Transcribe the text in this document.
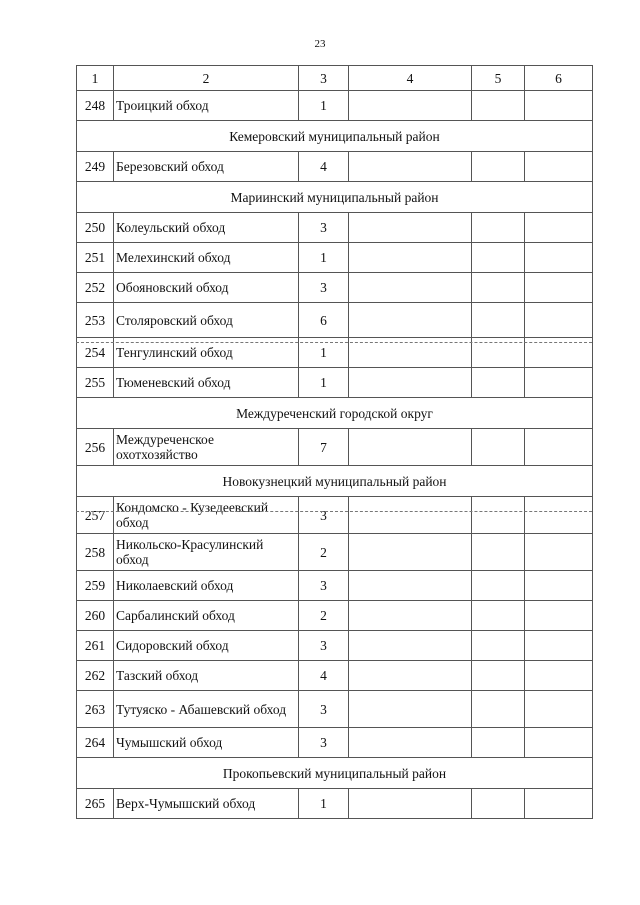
23
1	2	3	4	5	6
248	Троицкий обход	1			
Кемеровский муниципальный район					
249	Березовский обход	4			
Мариинский муниципальный район					
250	Колеульский обход	3			
251	Мелехинский обход	1			
252	Обояновский обход	3			
253	Столяровский обход	6			
254	Тенгулинский обход	1			
255	Тюменевский обход	1			
Междуреченский городской округ					
256	Междуреченское охотхозяйство	7			
Новокузнецкий муниципальный район					
257	Кондомско - Кузедеевский обход	3			
258	Никольско-Красулинский обход	2			
259	Николаевский обход	3			
260	Сарбалинский обход	2			
261	Сидоровский обход	3			
262	Тазский обход	4			
263	Тутуяско - Абашевский обход	3			
264	Чумышский обход	3			
Прокопьевский муниципальный район					
265	Верх-Чумышский обход	1			
